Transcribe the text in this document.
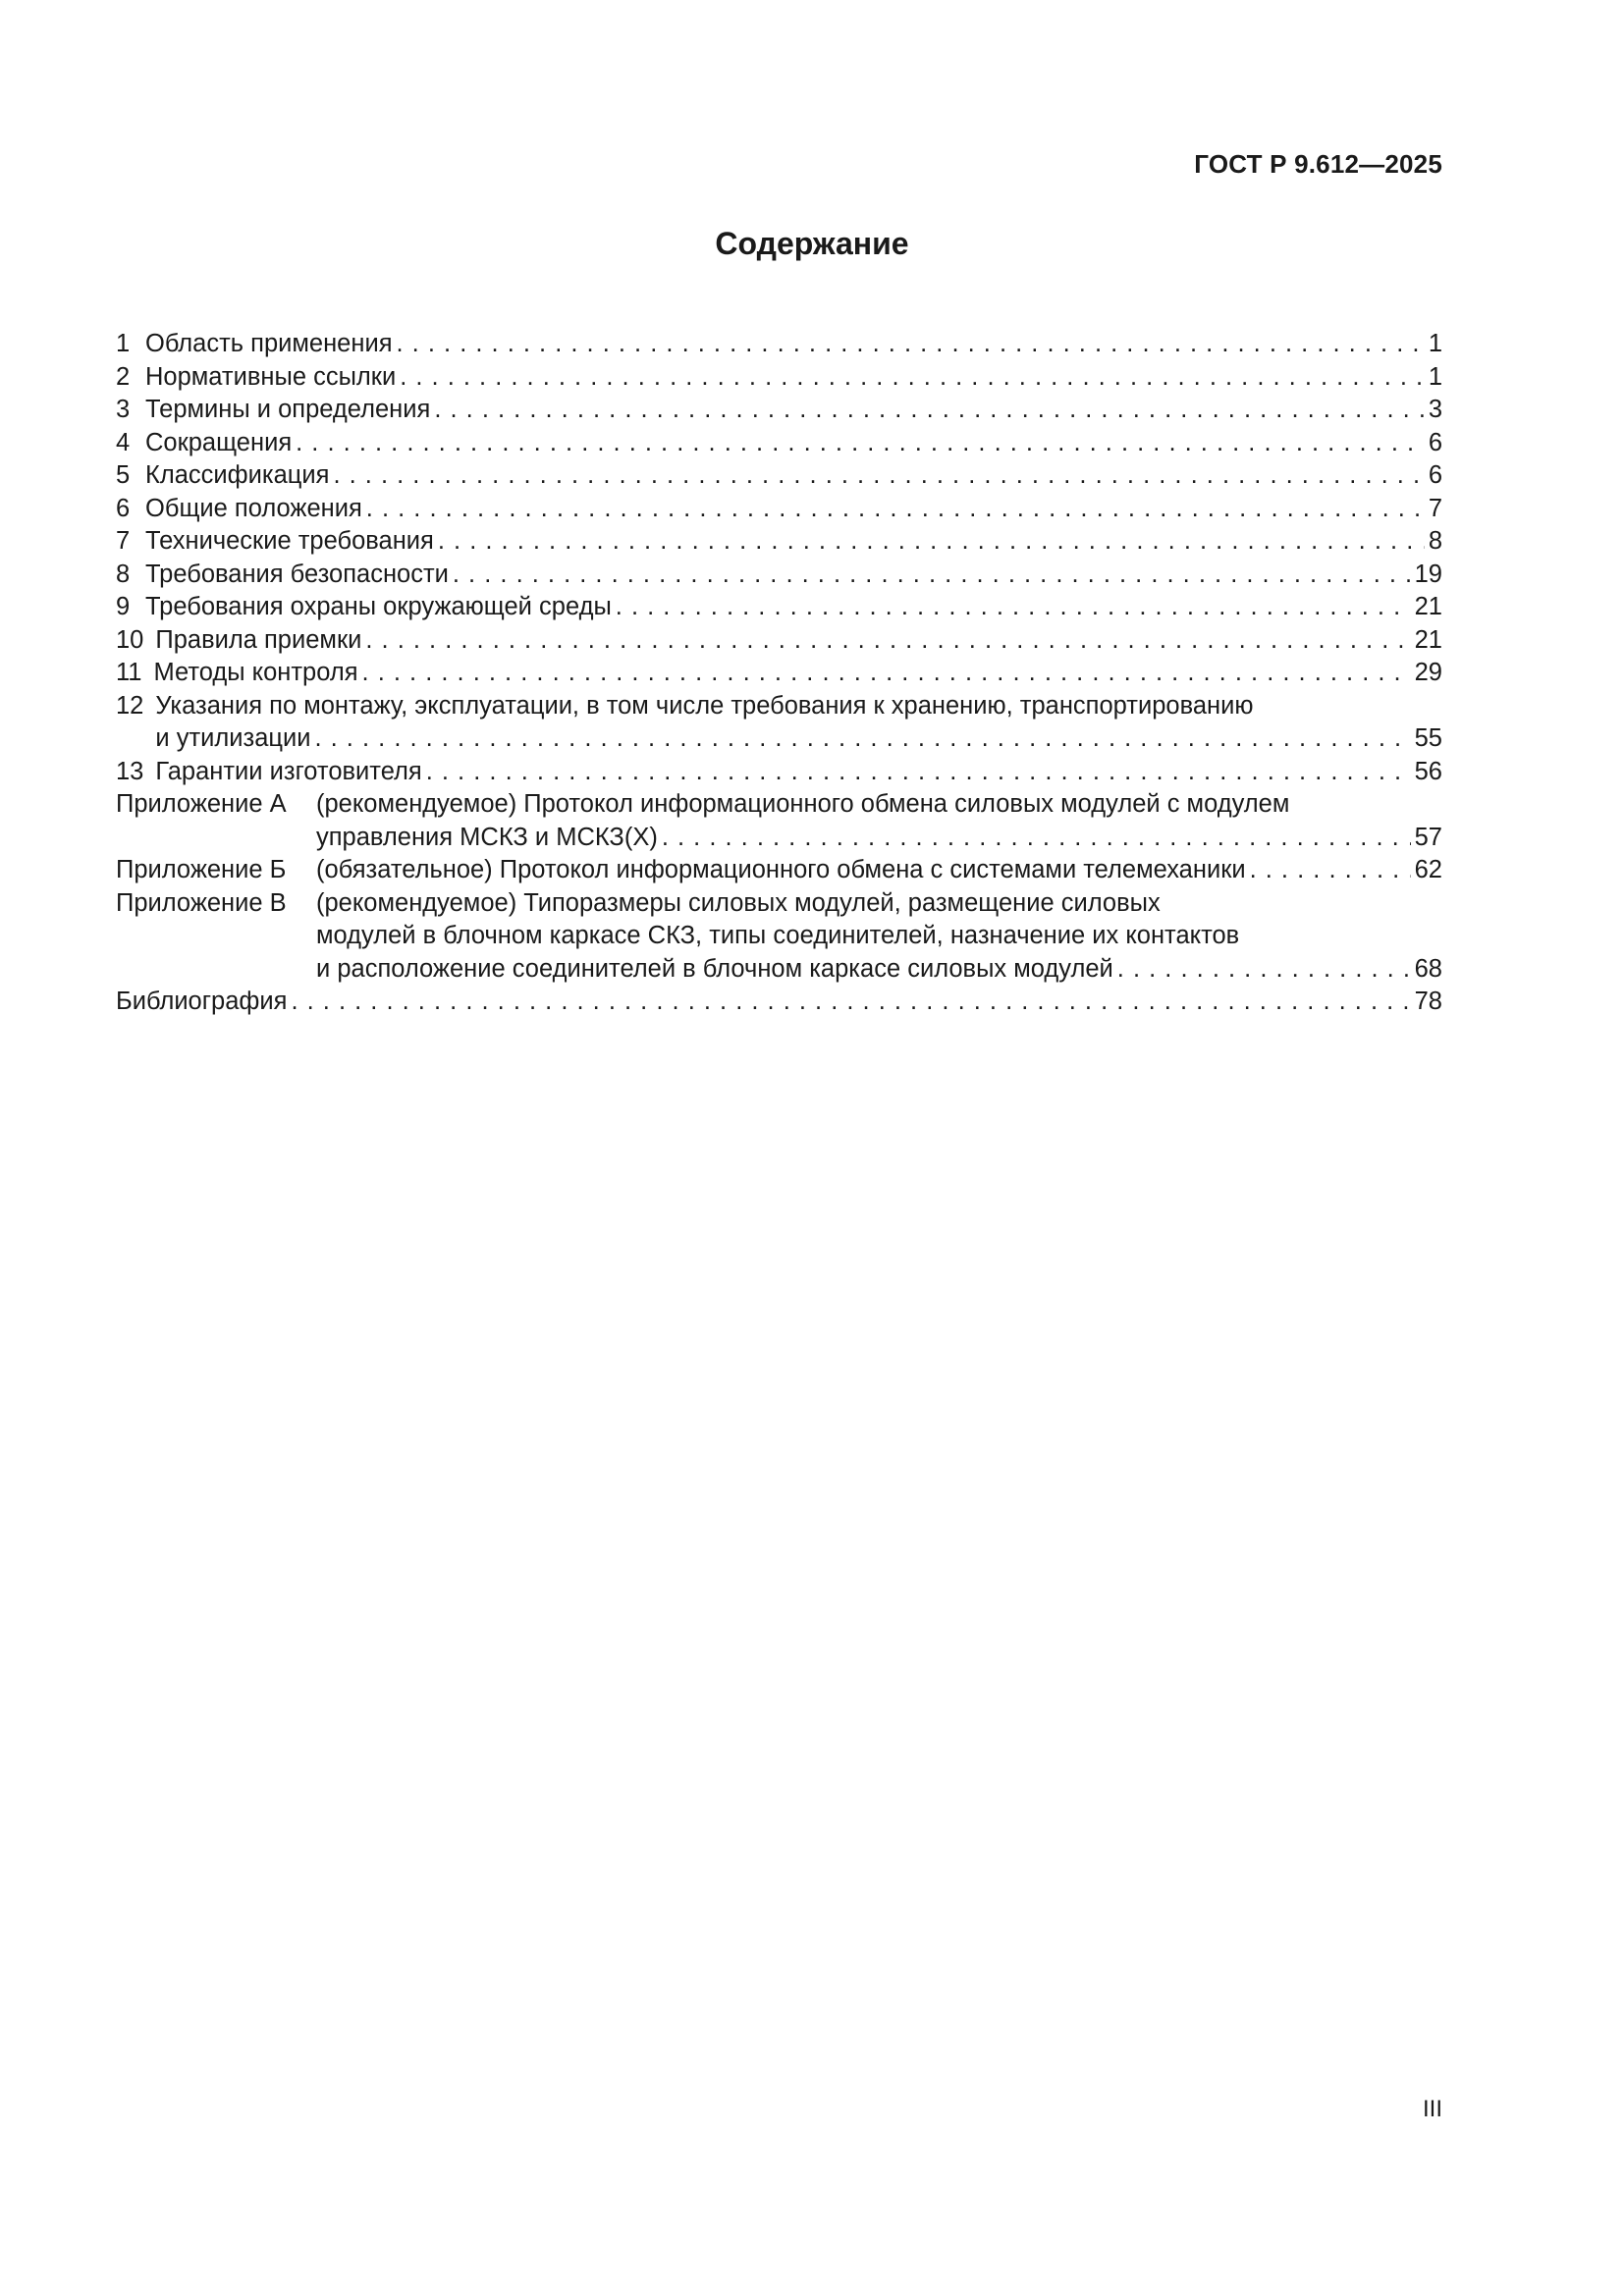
ГОСТ Р 9.612—2025
Содержание
1 Область применения . . .	1
2 Нормативные ссылки . . .	1
3 Термины и определения . . .	3
4 Сокращения . . .	6
5 Классификация . . .	6
6 Общие положения . . .	7
7 Технические требования . . .	8
8 Требования безопасности . . .	19
9 Требования охраны окружающей среды . . .	21
10 Правила приемки . . .	21
11 Методы контроля . . .	29
12 Указания по монтажу, эксплуатации, в том числе требования к хранению, транспортированию
и утилизации . . .	55
13 Гарантии изготовителя . . .	56
Приложение А	(рекомендуемое) Протокол информационного обмена силовых модулей с модулем
управления МСКЗ и МСКЗ(Х) . . .	57
Приложение Б	(обязательное) Протокол информационного обмена с системами телемеханики . . .	62
Приложение В	(рекомендуемое) Типоразмеры силовых модулей, размещение силовых
модулей в блочном каркасе СКЗ, типы соединителей, назначение их контактов
и расположение соединителей в блочном каркасе силовых модулей . . .	68
Библиография . . .	78
III
